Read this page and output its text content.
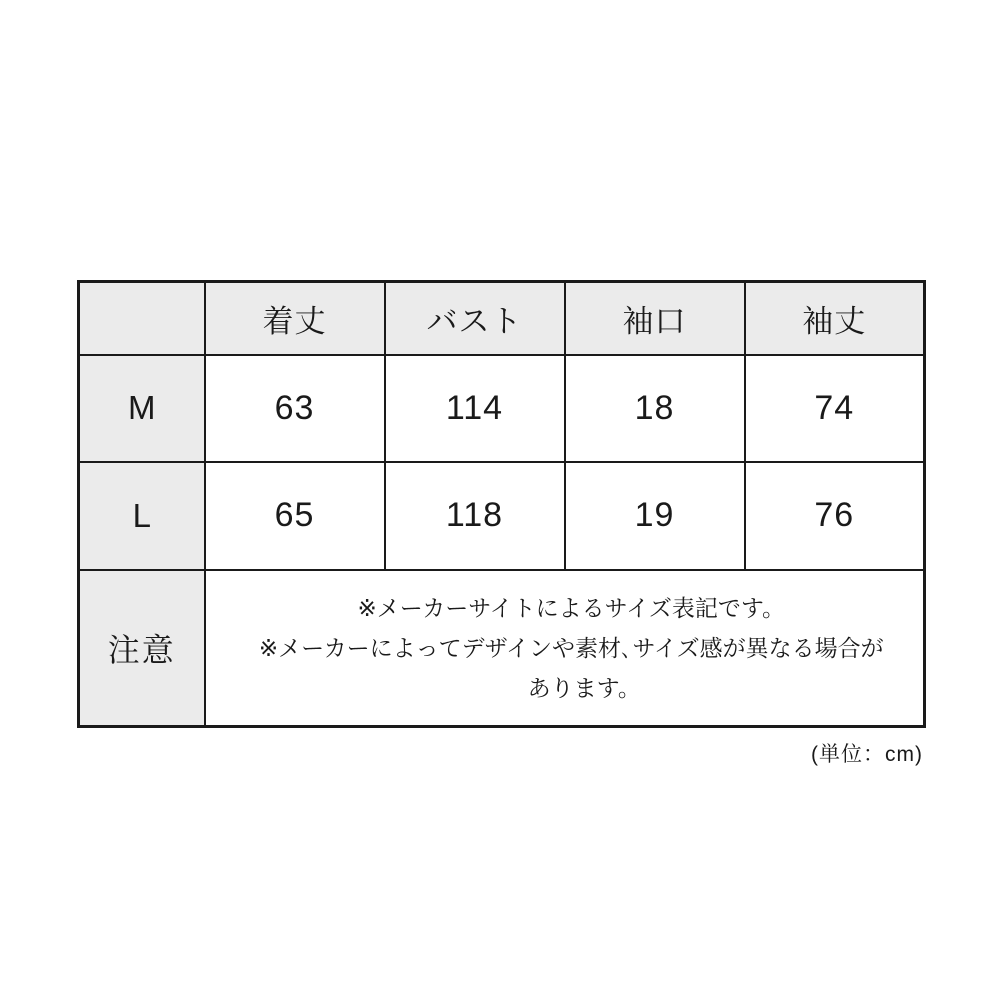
	着丈	バスト	袖口	袖丈
M	63	114	18	74
L	65	118	19	76
注意	※メーカーサイトによるサイズ表記です。
※メーカーによってデザインや素材､サイズ感が異なる場合が
あります。			
(単位：cm)
